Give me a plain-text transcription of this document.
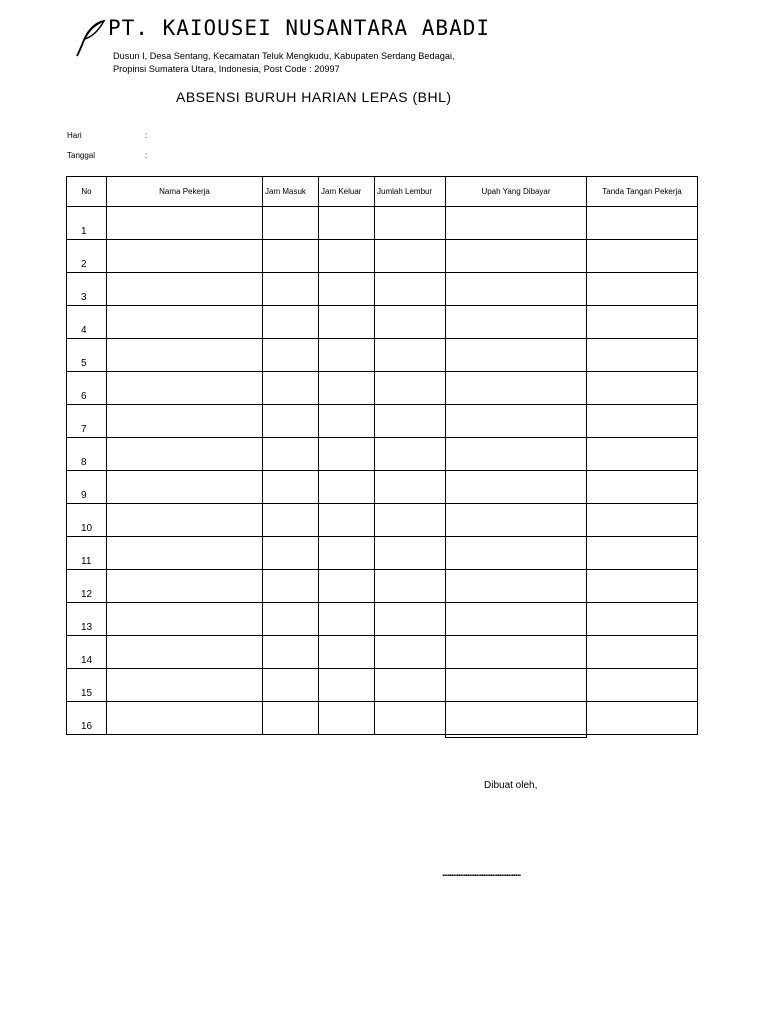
PT. KAIOUSEI NUSANTARA ABADI
Dusun I, Desa Sentang, Kecamatan Teluk Mengkudu, Kabupaten Serdang Bedagai,
Propinsi Sumatera Utara, Indonesia, Post Code : 20997
ABSENSI BURUH HARIAN LEPAS (BHL)
Hari	:
Tanggal	:
No	Nama Pekerja	Jam Masuk	Jam Keluar	Jumlah Lembur	Upah Yang Dibayar	Tanda Tangan Pekerja
1						
2						
3						
4						
5						
6						
7						
8						
9						
10						
11						
12						
13						
14						
15						
16						
Dibuat oleh,
............................................
